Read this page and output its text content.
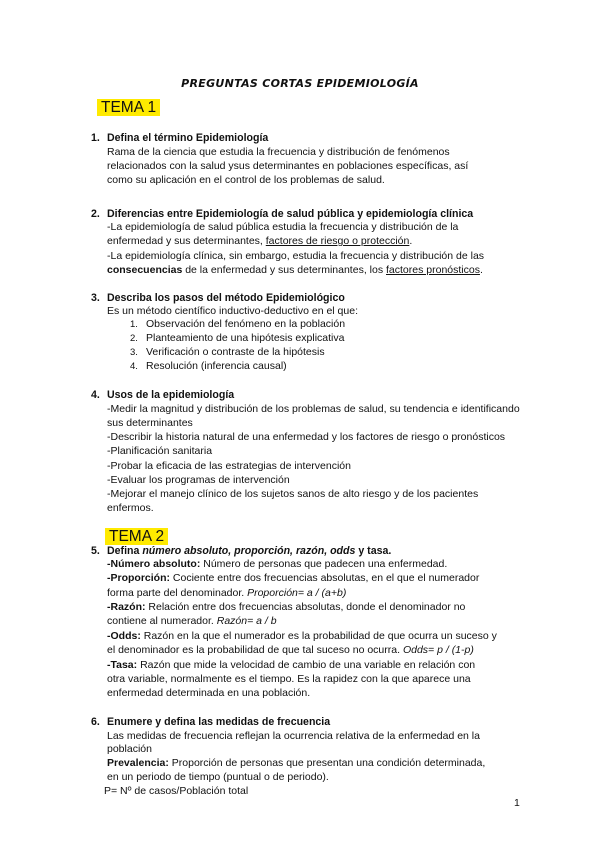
PREGUNTAS CORTAS EPIDEMIOLOGÍA
TEMA 1
1. Defina el término Epidemiología
Rama de la ciencia que estudia la frecuencia y distribución de fenómenos
relacionados con la salud ysus determinantes en poblaciones específicas, así
como su aplicación en el control de los problemas de salud.
2. Diferencias entre Epidemiología de salud pública y epidemiología clínica
-La epidemiología de salud pública estudia la frecuencia y distribución de la
enfermedad y sus determinantes, factores de riesgo o protección.
-La epidemiología clínica, sin embargo, estudia la frecuencia y distribución de las
consecuencias de la enfermedad y sus determinantes, los factores pronósticos.
3. Describa los pasos del método Epidemiológico
Es un método científico inductivo-deductivo en el que:
1. Observación del fenómeno en la población
2. Planteamiento de una hipótesis explicativa
3. Verificación o contraste de la hipótesis
4. Resolución (inferencia causal)
4. Usos de la epidemiología
-Medir la magnitud y distribución de los problemas de salud, su tendencia e identificando
sus determinantes
-Describir la historia natural de una enfermedad y los factores de riesgo o pronósticos
-Planificación sanitaria
-Probar la eficacia de las estrategias de intervención
-Evaluar los programas de intervención
-Mejorar el manejo clínico de los sujetos sanos de alto riesgo y de los pacientes
enfermos.
TEMA 2
5. Defina número absoluto, proporción, razón, odds y tasa.
-Número absoluto: Número de personas que padecen una enfermedad.
-Proporción: Cociente entre dos frecuencias absolutas, en el que el numerador
forma parte del denominador. Proporción= a / (a+b)
-Razón: Relación entre dos frecuencias absolutas, donde el denominador no
contiene al numerador. Razón= a / b
-Odds: Razón en la que el numerador es la probabilidad de que ocurra un suceso y
el denominador es la probabilidad de que tal suceso no ocurra. Odds= p / (1-p)
-Tasa: Razón que mide la velocidad de cambio de una variable en relación con
otra variable, normalmente es el tiempo. Es la rapidez con la que aparece una
enfermedad determinada en una población.
6. Enumere y defina las medidas de frecuencia
Las medidas de frecuencia reflejan la ocurrencia relativa de la enfermedad en la
población
Prevalencia: Proporción de personas que presentan una condición determinada,
en un periodo de tiempo (puntual o de periodo).
P= Nº de casos/Población total
1
